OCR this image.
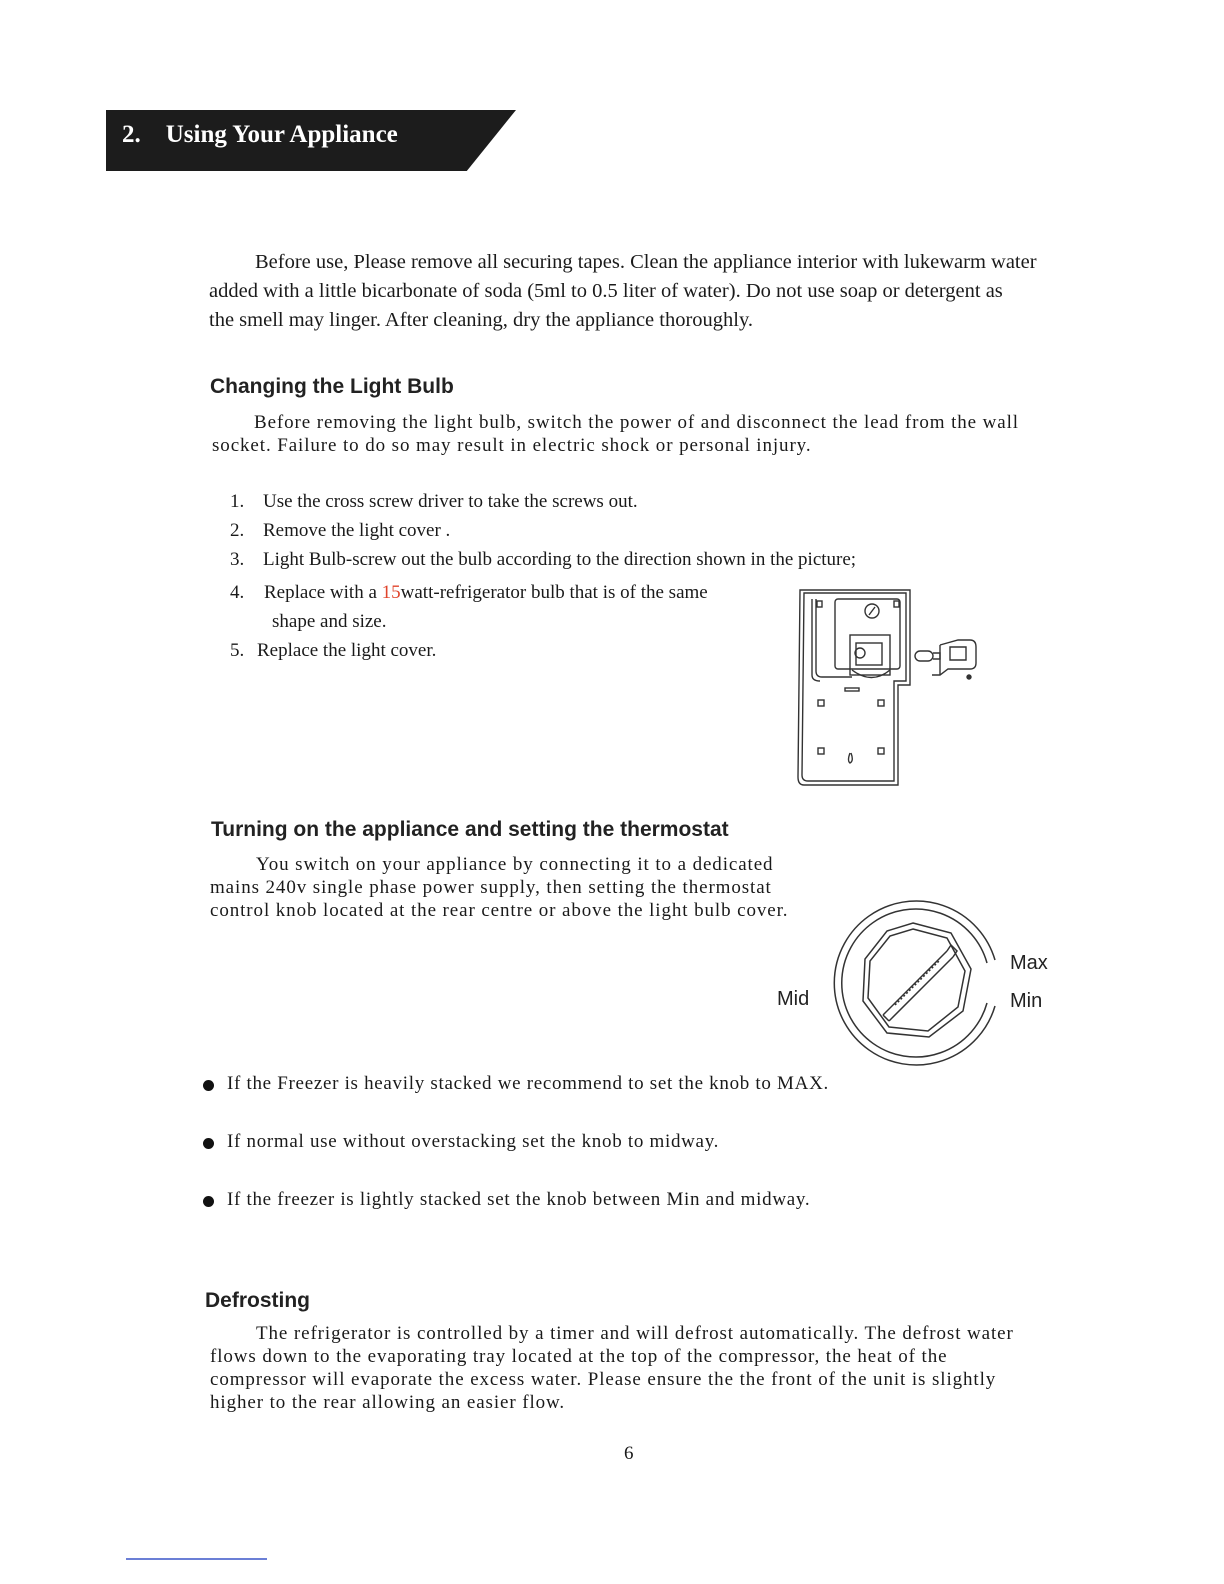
2.    Using Your Appliance
Before use, Please remove all securing tapes. Clean the appliance interior with lukewarm water
added with a little bicarbonate of soda (5ml to 0.5 liter of water). Do not use soap or detergent as
the smell may linger. After cleaning, dry the appliance thoroughly.
Changing the Light Bulb
Before removing the light bulb, switch the power of and disconnect the lead from the wall
socket. Failure to do so may result in electric shock or personal injury.
1. Use the cross screw driver to take the screws out.
2. Remove the light cover .
3. Light Bulb-screw out the bulb according to the direction shown in the picture;
4. Replace with a 15watt-refrigerator bulb that is of the same
shape and size.
5. Replace the light cover.
Turning on the appliance and setting the thermostat
You switch on your appliance by connecting it to a dedicated
mains 240v single phase power supply, then setting the thermostat
control knob located at the rear centre or above the light bulb cover.
Max
Min
Mid
If the Freezer is heavily stacked we recommend to set the knob to MAX.
If normal use without overstacking set the knob to midway.
If the freezer is lightly stacked set the knob between Min and midway.
Defrosting
The refrigerator is controlled by a timer and will defrost automatically. The defrost water
flows down to the evaporating tray located at the top of the compressor, the heat of the
compressor will evaporate the excess water. Please ensure the the front of the unit is slightly
higher to the rear allowing an easier flow.
6
